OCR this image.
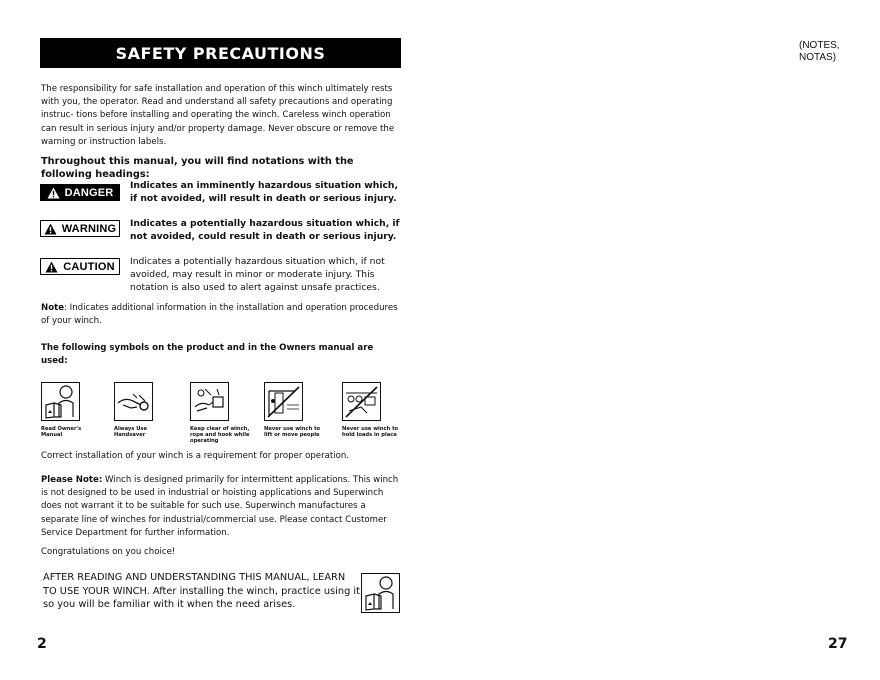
SAFETY PRECAUTIONS
The responsibility for safe installation and operation of this winch ultimately rests with you, the operator. Read and understand all safety precautions and operating instruc- tions before installing and operating the winch. Careless winch operation can result in serious injury and/or property damage. Never obscure or remove the warning or instruction labels.
Throughout this manual, you will find notations with the following headings:
DANGER
Indicates an imminently hazardous situation which, if not avoided, will result in death or serious injury.
WARNING Indicates a potentially hazardous situation which, if not avoided, could result in death or serious injury.
CAUTION Indicates a potentially hazardous situation which, if not avoided, may result in minor or moderate injury. This notation is also used to alert against unsafe practices.
Note: Indicates additional information in the installation and operation procedures of your winch.
The following symbols on the product and in the Owners manual are used:
Read Owner's Manual
Always Use Handsaver
Keep clear of winch, rope and hook while operating
Never use winch to lift or move people
Never use winch to hold loads in place
Correct installation of your winch is a requirement for proper operation.
Please Note: Winch is designed primarily for intermittent applications. This winch is not designed to be used in industrial or hoisting applications and Superwinch does not warrant it to be suitable for such use. Superwinch manufactures a separate line of winches for industrial/commercial use. Please contact Customer Service Department for further information.
Congratulations on you choice!
AFTER READING AND UNDERSTANDING THIS MANUAL, LEARN TO USE YOUR WINCH. After installing the winch, practice using it so you will be familiar with it when the need arises.
2
(NOTES, NOTAS)
27
